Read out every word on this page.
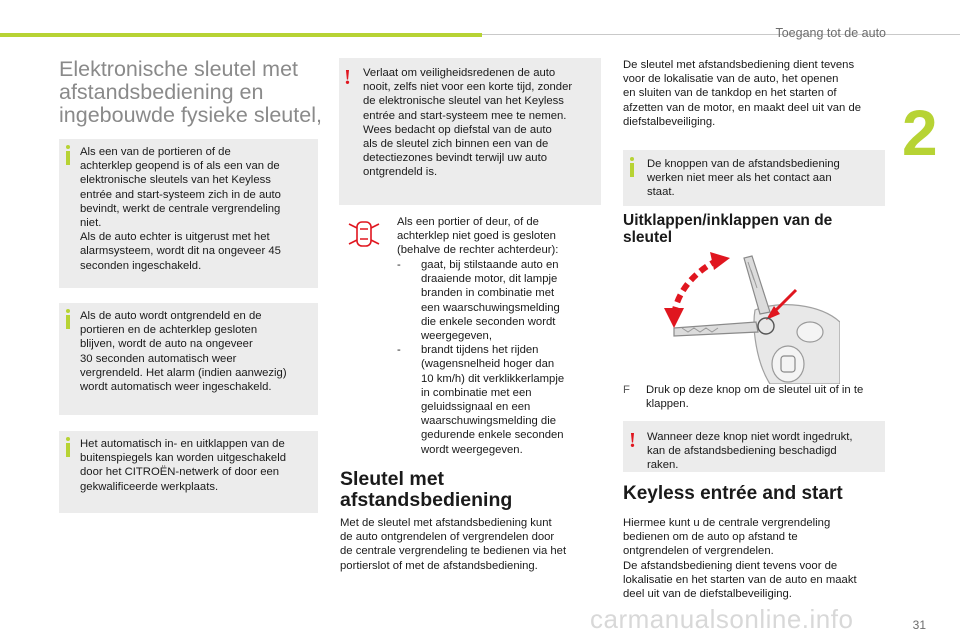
Toegang tot de auto
2
Elektronische sleutel met afstandsbediening en ingebouwde fysieke sleutel,
Als een van de portieren of de
achterklep geopend is of als een van de
elektronische sleutels van het Keyless
entrée and start-systeem zich in de auto
bevindt, werkt de centrale vergrendeling
niet.
Als de auto echter is uitgerust met het
alarmsysteem, wordt dit na ongeveer 45
seconden ingeschakeld.
Als de auto wordt ontgrendeld en de
portieren en de achterklep gesloten
blijven, wordt de auto na ongeveer
30 seconden automatisch weer
vergrendeld. Het alarm (indien aanwezig)
wordt automatisch weer ingeschakeld.
Het automatisch in- en uitklappen van de
buitenspiegels kan worden uitgeschakeld
door het CITROËN-netwerk of door een
gekwalificeerde werkplaats.
! Verlaat om veiligheidsredenen de auto
nooit, zelfs niet voor een korte tijd, zonder
de elektronische sleutel van het Keyless
entrée and start-systeem mee te nemen.
Wees bedacht op diefstal van de auto
als de sleutel zich binnen een van de
detectiezones bevindt terwijl uw auto
ontgrendeld is.
Als een portier of deur, of de
achterklep niet goed is gesloten
(behalve de rechter achterdeur):
-	gaat, bij stilstaande auto en
draaiende motor, dit lampje
branden in combinatie met
een waarschuwingsmelding
die enkele seconden wordt
weergegeven,
-	brandt tijdens het rijden
(wagensnelheid hoger dan
10 km/h) dit verklikkerlampje
in combinatie met een
geluidssignaal en een
waarschuwingsmelding die
gedurende enkele seconden
wordt weergegeven.
Sleutel met afstandsbediening
Met de sleutel met afstandsbediening kunt
de auto ontgrendelen of vergrendelen door
de centrale vergrendeling te bedienen via het
portierslot of met de afstandsbediening.
De sleutel met afstandsbediening dient tevens
voor de lokalisatie van de auto, het openen
en sluiten van de tankdop en het starten of
afzetten van de motor, en maakt deel uit van de
diefstalbeveiliging.
De knoppen van de afstandsbediening
werken niet meer als het contact aan
staat.
Uitklappen/inklappen van de sleutel
F	Druk op deze knop om de sleutel uit of in te
klappen.
! Wanneer deze knop niet wordt ingedrukt,
kan de afstandsbediening beschadigd
raken.
Keyless entrée and start
Hiermee kunt u de centrale vergrendeling
bedienen om de auto op afstand te
ontgrendelen of vergrendelen.
De afstandsbediening dient tevens voor de
lokalisatie en het starten van de auto en maakt
deel uit van de diefstalbeveiliging.
carmanualsonline.info	31
